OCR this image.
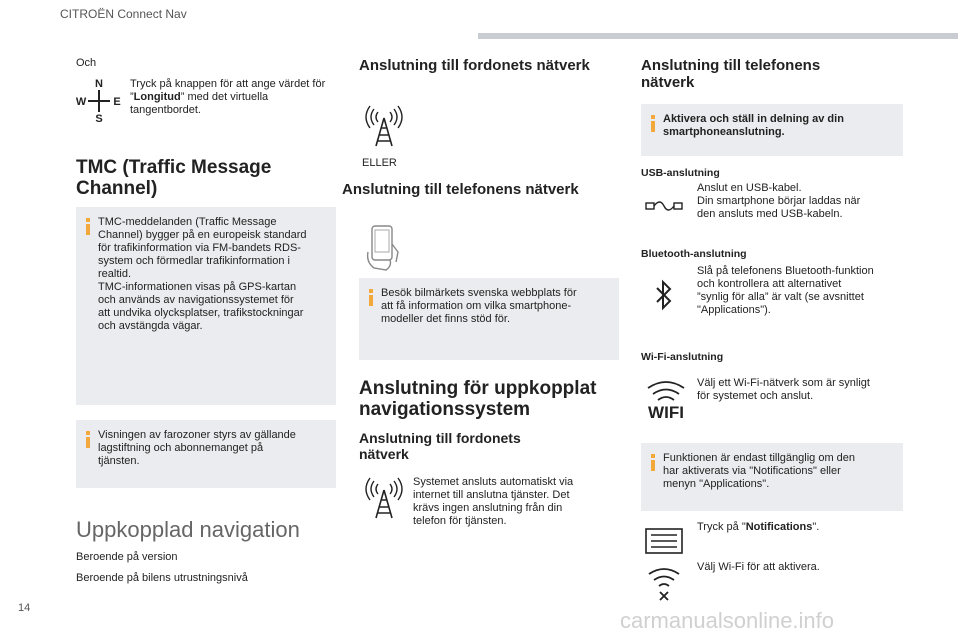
CITROËN Connect Nav
Och
N
S
W E
Tryck på knappen för att ange värdet för ”Longitud” med det virtuella tangentbordet.
TMC (Traffic Message
Channel)
TMC-meddelanden (Traffic Message
Channel) bygger på en europeisk standard
för trafikinformation via FM-bandets RDS-
system och förmedlar trafikinformation i
realtid.
TMC-informationen visas på GPS-kartan
och används av navigationssystemet för
att undvika olycksplatser, trafikstockningar
och avstängda vägar.
Visningen av farozoner styrs av gällande
lagstiftning och abonnemanget på
tjänsten.
Uppkopplad navigation
Beroende på version
Beroende på bilens utrustningsnivå
Anslutning till fordonets nätverk
ELLER
Anslutning till telefonens nätverk
Besök bilmärkets svenska webbplats för
att få information om vilka smartphone-
modeller det finns stöd för.
Anslutning för uppkopplat
navigationssystem
Anslutning till fordonets
nätverk
Systemet ansluts automatiskt via
internet till anslutna tjänster. Det
krävs ingen anslutning från din
telefon för tjänsten.
Anslutning till telefonens
nätverk
Aktivera och ställ in delning av din
smartphoneanslutning.
USB-anslutning
Anslut en USB-kabel.
Din smartphone börjar laddas när
den ansluts med USB-kabeln.
Bluetooth-anslutning
Slå på telefonens Bluetooth-funktion
och kontrollera att alternativet
”synlig för alla” är valt (se avsnittet
"Applications").
Wi-Fi-anslutning
WIFI
Välj ett Wi-Fi-nätverk som är synligt
för systemet och anslut.
Funktionen är endast tillgänglig om den
har aktiverats via "Notifications" eller
menyn "Applications".
Tryck på "Notifications".
Välj Wi-Fi för att aktivera.
14	carmanualsonline.info
